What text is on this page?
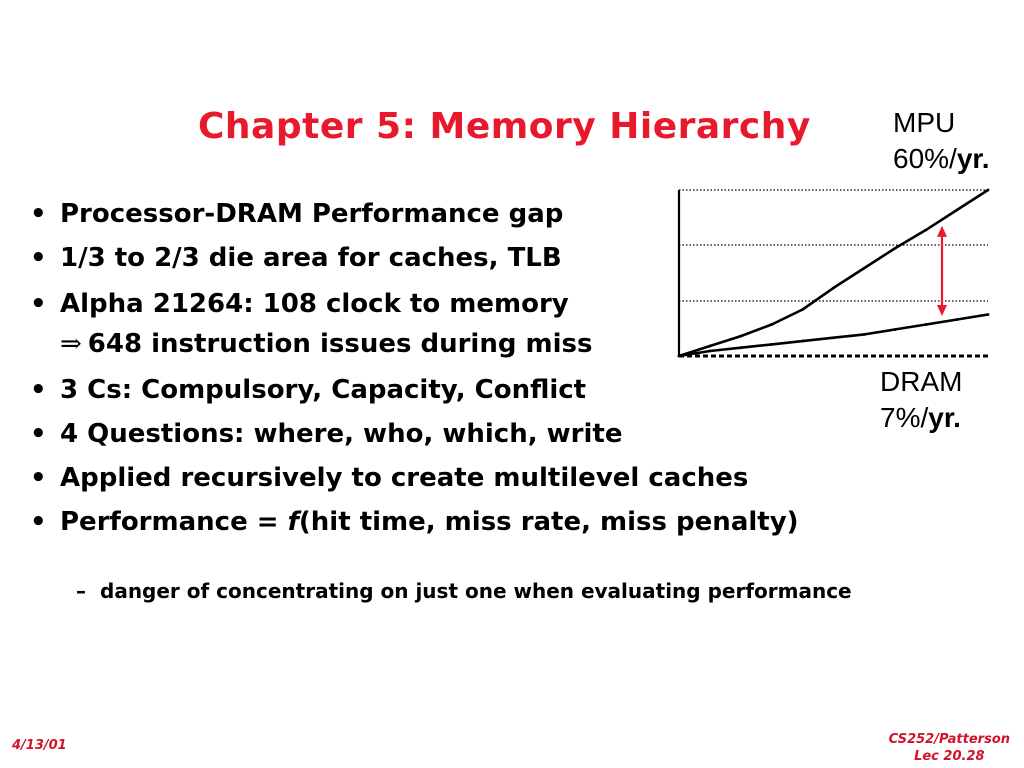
Chapter 5: Memory Hierarchy
• Processor-DRAM Performance gap
• 1/3 to 2/3 die area for caches, TLB
• Alpha 21264: 108 clock to memory
⇒ 648 instruction issues during miss
• 3 Cs: Compulsory, Capacity, Conflict
• 4 Questions: where, who, which, write
• Applied recursively to create multilevel caches
• Performance = f(hit time, miss rate, miss penalty)
– danger of concentrating on just one when evaluating performance
MPU
60%/yr.
DRAM
7%/yr.
4/13/01	CS252/Patterson
Lec 20.28
